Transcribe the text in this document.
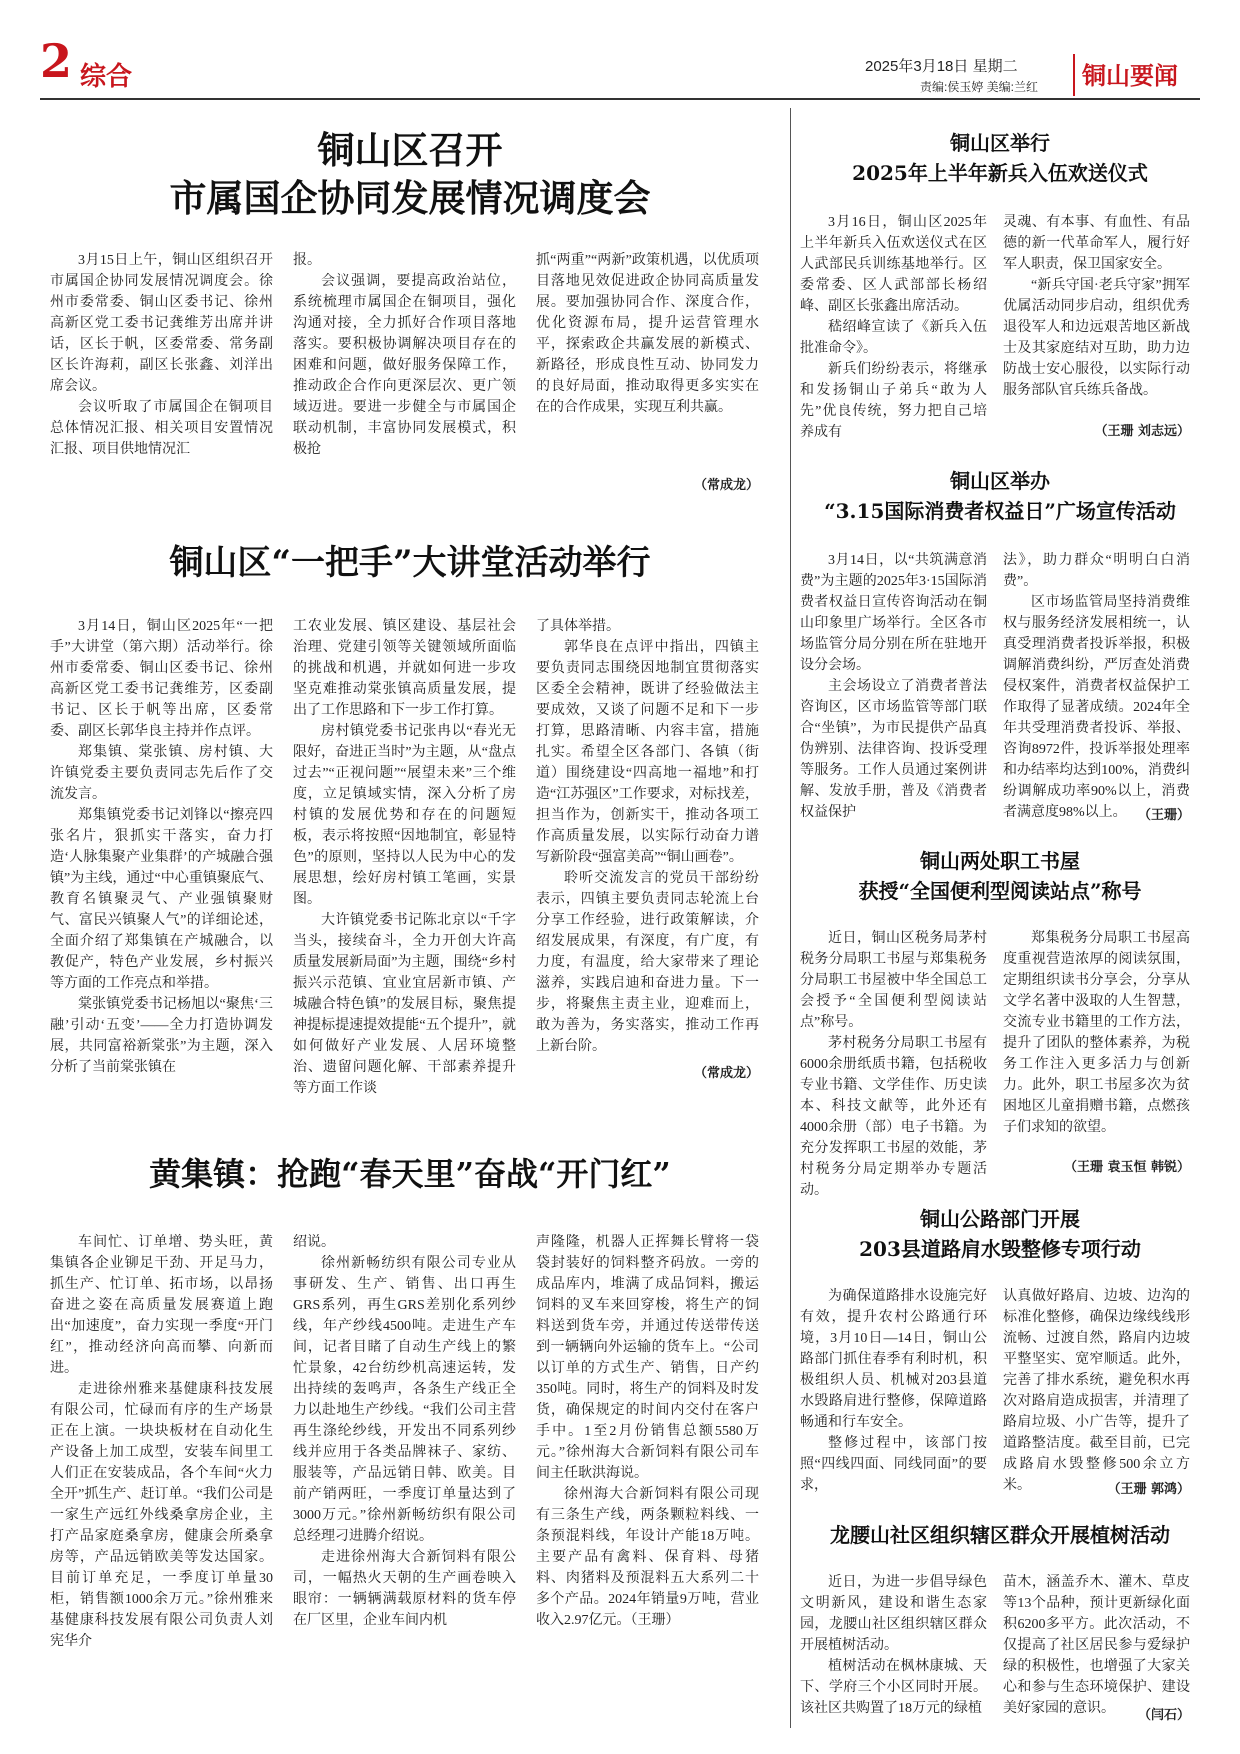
2 综合	2025年3月18日 星期二
责编:侯玉婷 美编:兰红 铜山要闻
铜山区召开
市属国企协同发展情况调度会

3月15日上午，铜山区组织召开市属国企协同发展情况调度会。徐州市委常委、铜山区委书记、徐州高新区党工委书记龚维芳出席并讲话，区长于帆，区委常委、常务副区长许海莉，副区长张鑫、刘洋出席会议。

会议听取了市属国企在铜项目总体情况汇报、相关项目安置情况汇报、项目供地情况汇

报。

会议强调，要提高政治站位，系统梳理市属国企在铜项目，强化沟通对接，全力抓好合作项目落地落实。要积极协调解决项目存在的困难和问题，做好服务保障工作，推动政企合作向更深层次、更广领域迈进。要进一步健全与市属国企联动机制，丰富协同发展模式，积极抢

抓“两重”“两新”政策机遇，以优质项目落地见效促进政企协同高质量发展。要加强协同合作、深度合作，优化资源布局，提升运营管理水平，探索政企共赢发展的新模式、新路径，形成良性互动、协同发力的良好局面，推动取得更多实实在在的合作成果，实现互利共赢。

（常成龙）
铜山区“一把手”大讲堂活动举行

3月14日，铜山区2025年“一把手”大讲堂（第六期）活动举行。徐州市委常委、铜山区委书记、徐州高新区党工委书记龚维芳，区委副书记、区长于帆等出席，区委常委、副区长郭华良主持并作点评。

郑集镇、棠张镇、房村镇、大许镇党委主要负责同志先后作了交流发言。

郑集镇党委书记刘锋以“擦亮四张名片，狠抓实干落实，奋力打造‘人脉集聚产业集群’的产城融合强镇”为主线，通过“中心重镇聚底气、教育名镇聚灵气、产业强镇聚财气、富民兴镇聚人气”的详细论述，全面介绍了郑集镇在产城融合，以教促产，特色产业发展，乡村振兴等方面的工作亮点和举措。

棠张镇党委书记杨旭以“聚焦‘三融’引动‘五变’——全力打造协调发展，共同富裕新棠张”为主题，深入分析了当前棠张镇在

工农业发展、镇区建设、基层社会治理、党建引领等关键领域所面临的挑战和机遇，并就如何进一步攻坚克难推动棠张镇高质量发展，提出了工作思路和下一步工作打算。

房村镇党委书记张冉以“春光无限好，奋进正当时”为主题，从“盘点过去”“正视问题”“展望未来”三个维度，立足镇域实情，深入分析了房村镇的发展优势和存在的问题短板，表示将按照“因地制宜，彰显特色”的原则，坚持以人民为中心的发展思想，绘好房村镇工笔画，实景图。

大许镇党委书记陈北京以“千字当头，接续奋斗，全力开创大许高质量发展新局面”为主题，围绕“乡村振兴示范镇、宜业宜居新市镇、产城融合特色镇”的发展目标，聚焦提神提标提速提效提能“五个提升”，就如何做好产业发展、人居环境整治、遗留问题化解、干部素养提升等方面工作谈

了具体举措。

郭华良在点评中指出，四镇主要负责同志围绕因地制宜贯彻落实区委全会精神，既讲了经验做法主要成效，又谈了问题不足和下一步打算，思路清晰、内容丰富，措施扎实。希望全区各部门、各镇（街道）围绕建设“四高地一福地”和打造“江苏强区”工作要求，对标找差，担当作为，创新实干，推动各项工作高质量发展，以实际行动奋力谱写新阶段“强富美高”“铜山画卷”。

聆听交流发言的党员干部纷纷表示，四镇主要负责同志轮流上台分享工作经验，进行政策解读，介绍发展成果，有深度，有广度，有力度，有温度，给大家带来了理论滋养，实践启迪和奋进力量。下一步，将聚焦主责主业，迎难而上，敢为善为，务实落实，推动工作再上新台阶。

（常成龙）
黄集镇：抢跑“春天里”奋战“开门红”

车间忙、订单增、势头旺，黄集镇各企业铆足干劲、开足马力，抓生产、忙订单、拓市场，以昂扬奋进之姿在高质量发展赛道上跑出“加速度”，奋力实现一季度“开门红”，推动经济向高而攀、向新而进。

走进徐州雅来基健康科技发展有限公司，忙碌而有序的生产场景正在上演。一块块板材在自动化生产设备上加工成型，安装车间里工人们正在安装成品，各个车间“火力全开”抓生产、赶订单。“我们公司是一家生产远红外线桑拿房企业，主打产品家庭桑拿房，健康会所桑拿房等，产品远销欧美等发达国家。目前订单充足，一季度订单量30柜，销售额1000余万元。”徐州雅来基健康科技发展有限公司负责人刘宪华介

绍说。

徐州新畅纺织有限公司专业从事研发、生产、销售、出口再生GRS系列，再生GRS差别化系列纱线，年产纱线4500吨。走进生产车间，记者目睹了自动生产线上的繁忙景象，42台纺纱机高速运转，发出持续的轰鸣声，各条生产线正全力以赴地生产纱线。“我们公司主营再生涤纶纱线，开发出不同系列纱线并应用于各类品牌袜子、家纺、服装等，产品远销日韩、欧美。目前产销两旺，一季度订单量达到了3000万元。”徐州新畅纺织有限公司总经理刁进腾介绍说。

走进徐州海大合新饲料有限公司，一幅热火天朝的生产画卷映入眼帘：一辆辆满载原材料的货车停在厂区里，企业车间内机

声隆隆，机器人正挥舞长臂将一袋袋封装好的饲料整齐码放。一旁的成品库内，堆满了成品饲料，搬运饲料的叉车来回穿梭，将生产的饲料送到货车旁，并通过传送带传送到一辆辆向外运输的货车上。“公司以订单的方式生产、销售，日产约350吨。同时，将生产的饲料及时发货，确保规定的时间内交付在客户手中。1至2月份销售总额5580万元。”徐州海大合新饲料有限公司车间主任耿洪海说。

徐州海大合新饲料有限公司现有三条生产线，两条颗粒料线、一条预混料线，年设计产能18万吨。主要产品有禽料、保育料、母猪料、肉猪料及预混料五大系列二十多个产品。2024年销量9万吨，营业收入2.97亿元。（王珊）

铜山区举行
2025年上半年新兵入伍欢送仪式

3月16日，铜山区2025年上半年新兵入伍欢送仪式在区人武部民兵训练基地举行。区委常委、区人武部部长杨绍峰、副区长张鑫出席活动。

嵇绍峰宣读了《新兵入伍批准命令》。

新兵们纷纷表示，将继承和发扬铜山子弟兵“敢为人先”优良传统，努力把自己培养成有

灵魂、有本事、有血性、有品德的新一代革命军人，履行好军人职责，保卫国家安全。

“新兵守国·老兵守家”拥军优属活动同步启动，组织优秀退役军人和边远艰苦地区新战士及其家庭结对互助，助力边防战士安心服役，以实际行动服务部队官兵练兵备战。

（王珊 刘志远）
铜山区举办
“3.15国际消费者权益日”广场宣传活动

3月14日，以“共筑满意消费”为主题的2025年3·15国际消费者权益日宣传咨询活动在铜山印象里广场举行。全区各市场监管分局分别在所在驻地开设分会场。

主会场设立了消费者普法咨询区，区市场监管等部门联合“坐镇”，为市民提供产品真伪辨别、法律咨询、投诉受理等服务。工作人员通过案例讲解、发放手册，普及《消费者权益保护

法》，助力群众“明明白白消费”。

区市场监管局坚持消费维权与服务经济发展相统一，认真受理消费者投诉举报，积极调解消费纠纷，严厉查处消费侵权案件，消费者权益保护工作取得了显著成绩。2024年全年共受理消费者投诉、举报、咨询8972件，投诉举报处理率和办结率均达到100%，消费纠纷调解成功率90%以上，消费者满意度98%以上。 （王珊）
铜山两处职工书屋
获授“全国便利型阅读站点”称号

近日，铜山区税务局茅村税务分局职工书屋与郑集税务分局职工书屋被中华全国总工会授予“全国便利型阅读站点”称号。

茅村税务分局职工书屋有6000余册纸质书籍，包括税收专业书籍、文学佳作、历史读本、科技文献等，此外还有4000余册（部）电子书籍。为充分发挥职工书屋的效能，茅村税务分局定期举办专题活动。

郑集税务分局职工书屋高度重视营造浓厚的阅读氛围，定期组织读书分享会，分享从文学名著中汲取的人生智慧，交流专业书籍里的工作方法，提升了团队的整体素养，为税务工作注入更多活力与创新力。此外，职工书屋多次为贫困地区儿童捐赠书籍，点燃孩子们求知的欲望。

（王珊 袁玉恒 韩锐）
铜山公路部门开展
203县道路肩水毁整修专项行动

为确保道路排水设施完好有效，提升农村公路通行环境，3月10日—14日，铜山公路部门抓住春季有利时机，积极组织人员、机械对203县道水毁路肩进行整修，保障道路畅通和行车安全。

整修过程中，该部门按照“四线四面、同线同面”的要求，

认真做好路肩、边坡、边沟的标准化整修，确保边缘线线形流畅、过渡自然，路肩内边坡平整坚实、宽窄顺适。此外，完善了排水系统，避免积水再次对路肩造成损害，并清理了路肩垃圾、小广告等，提升了道路整洁度。截至目前，已完成路肩水毁整修500余立方米。	（王珊 郭鸿）
龙腰山社区组织辖区群众开展植树活动

近日，为进一步倡导绿色文明新风，建设和谐生态家园，龙腰山社区组织辖区群众开展植树活动。

植树活动在枫林康城、天下、学府三个小区同时开展。该社区共购置了18万元的绿植

苗木，涵盖乔木、灌木、草皮等13个品种，预计更新绿化面积6200多平方。此次活动，不仅提高了社区居民参与爱绿护绿的积极性，也增强了大家关心和参与生态环境保护、建设美好家园的意识。	（闫石）
